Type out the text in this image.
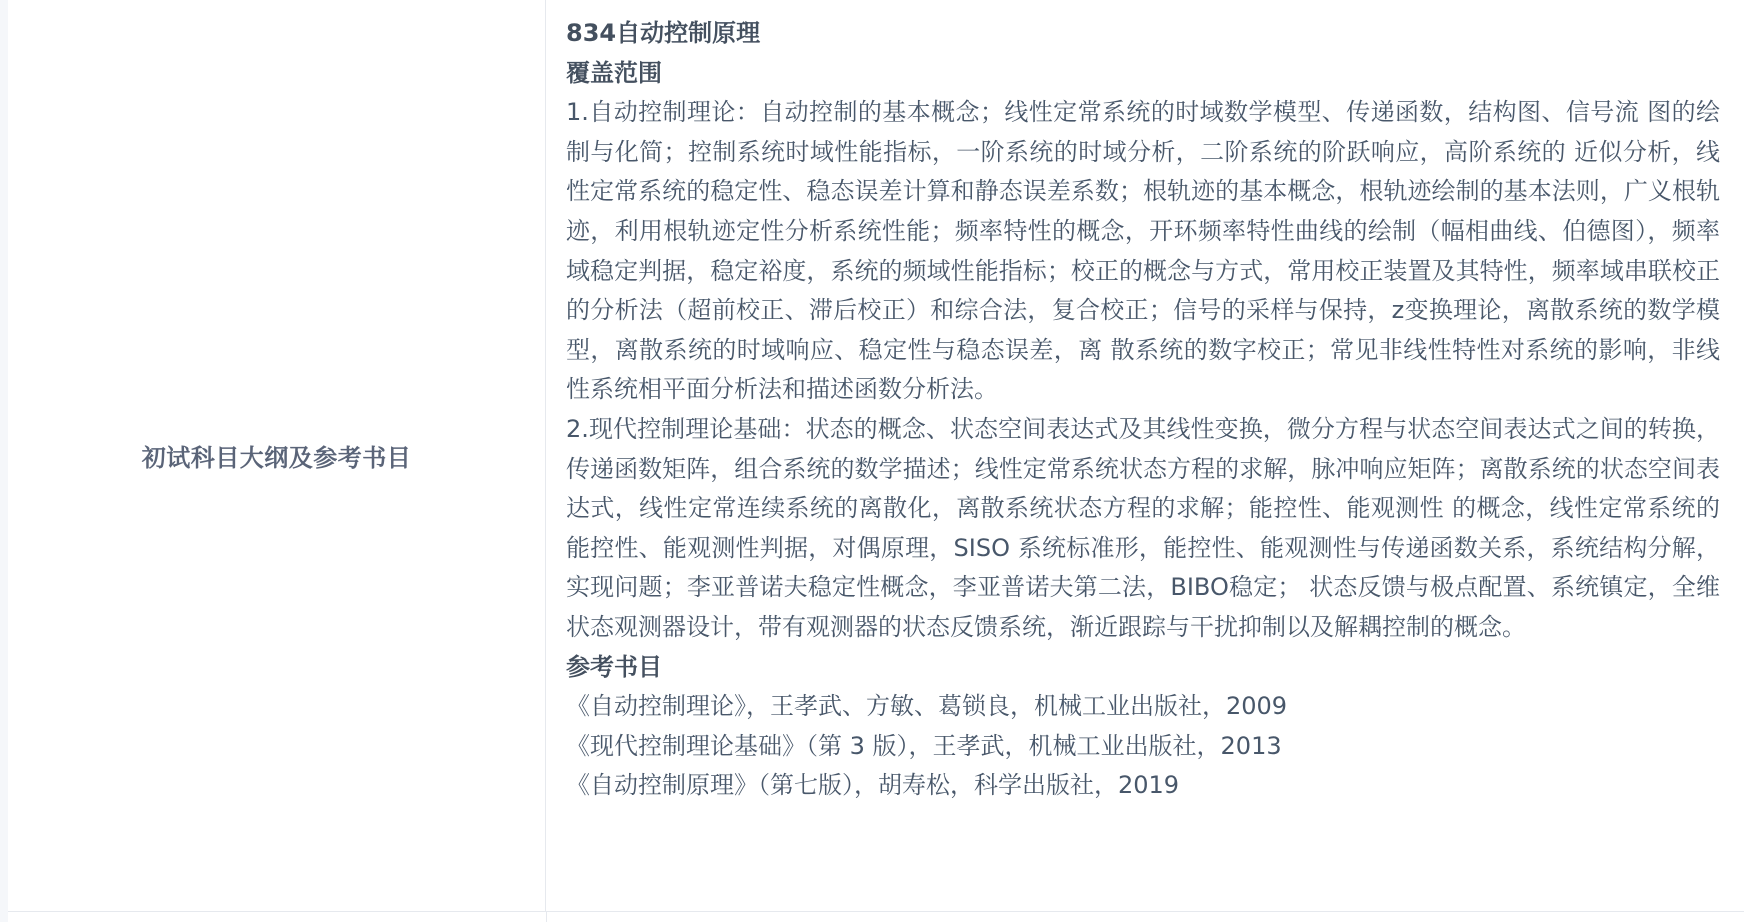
初试科目大纲及参考书目

834自动控制原理

覆盖范围

1.自动控制理论：自动控制的基本概念；线性定常系统的时域数学模型、传递函数，结构图、信号流 图的绘制与化简；控制系统时域性能指标，一阶系统的时域分析，二阶系统的阶跃响应，高阶系统的 近似分析，线性定常系统的稳定性、稳态误差计算和静态误差系数；根轨迹的基本概念，根轨迹绘制的基本法则，广义根轨迹，利用根轨迹定性分析系统性能；频率特性的概念，开环频率特性曲线的绘制（幅相曲线、伯德图），频率域稳定判据，稳定裕度，系统的频域性能指标；校正的概念与方式，常用校正装置及其特性，频率域串联校正的分析法（超前校正、滞后校正）和综合法，复合校正；信号的采样与保持，z变换理论，离散系统的数学模型，离散系统的时域响应、稳定性与稳态误差，离 散系统的数字校正；常见非线性特性对系统的影响，非线性系统相平面分析法和描述函数分析法。

2.现代控制理论基础：状态的概念、状态空间表达式及其线性变换，微分方程与状态空间表达式之间的转换，传递函数矩阵，组合系统的数学描述；线性定常系统状态方程的求解，脉冲响应矩阵；离散系统的状态空间表达式，线性定常连续系统的离散化，离散系统状态方程的求解；能控性、能观测性 的概念，线性定常系统的能控性、能观测性判据，对偶原理，SISO 系统标准形，能控性、能观测性与传递函数关系，系统结构分解，实现问题；李亚普诺夫稳定性概念，李亚普诺夫第二法，BIBO稳定； 状态反馈与极点配置、系统镇定，全维状态观测器设计，带有观测器的状态反馈系统，渐近跟踪与干扰抑制以及解耦控制的概念。

参考书目

《自动控制理论》，王孝武、方敏、葛锁良，机械工业出版社，2009

《现代控制理论基础》（第 3 版），王孝武，机械工业出版社，2013

《自动控制原理》（第七版），胡寿松，科学出版社，2019
